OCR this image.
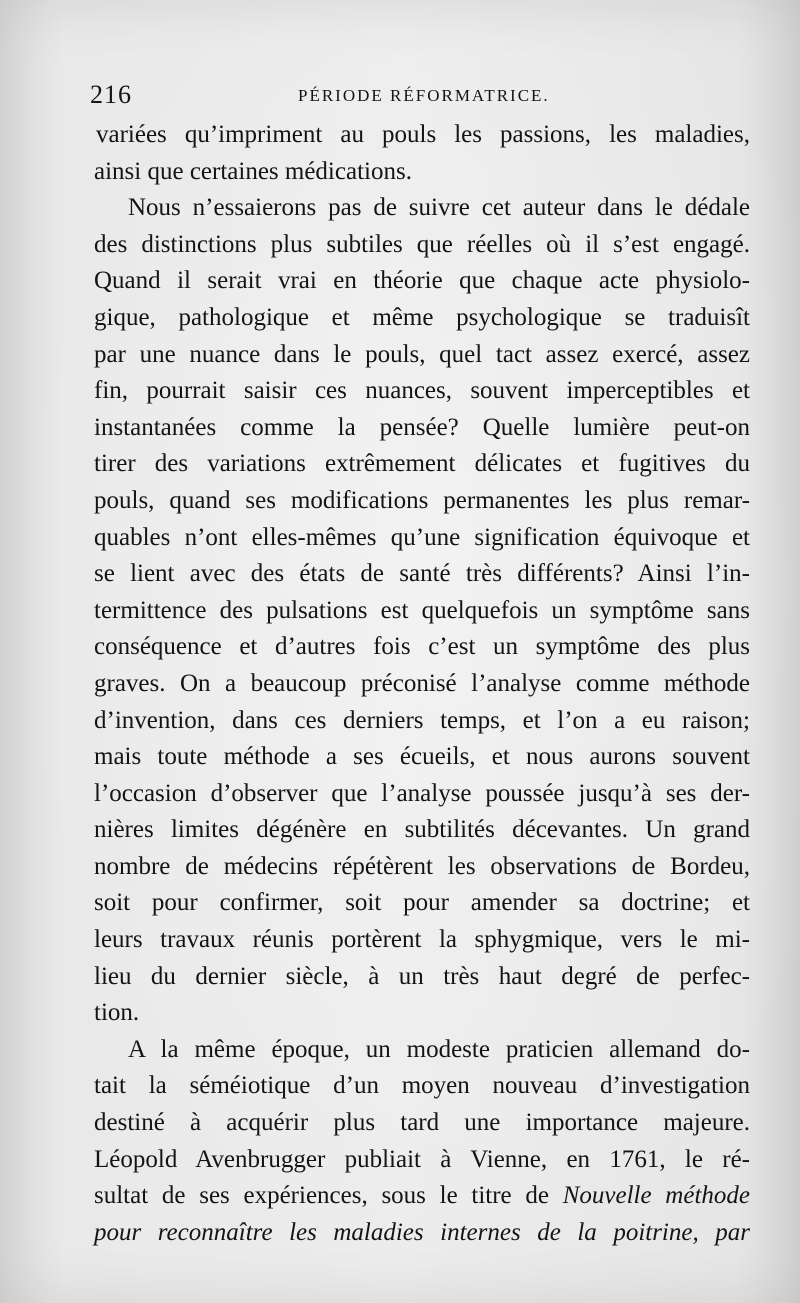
216	PÉRIODE RÉFORMATRICE.
variées qu’impriment au pouls les passions, les maladies,
ainsi que certaines médications.
Nous n’essaierons pas de suivre cet auteur dans le dédale
des distinctions plus subtiles que réelles où il s’est engagé.
Quand il serait vrai en théorie que chaque acte physiolo-
gique, pathologique et même psychologique se traduisît
par une nuance dans le pouls, quel tact assez exercé, assez
fin, pourrait saisir ces nuances, souvent imperceptibles et
instantanées comme la pensée? Quelle lumière peut-on
tirer des variations extrêmement délicates et fugitives du
pouls, quand ses modifications permanentes les plus remar-
quables n’ont elles-mêmes qu’une signification équivoque et
se lient avec des états de santé très différents? Ainsi l’in-
termittence des pulsations est quelquefois un symptôme sans
conséquence et d’autres fois c’est un symptôme des plus
graves. On a beaucoup préconisé l’analyse comme méthode
d’invention, dans ces derniers temps, et l’on a eu raison;
mais toute méthode a ses écueils, et nous aurons souvent
l’occasion d’observer que l’analyse poussée jusqu’à ses der-
nières limites dégénère en subtilités décevantes. Un grand
nombre de médecins répétèrent les observations de Bordeu,
soit pour confirmer, soit pour amender sa doctrine; et
leurs travaux réunis portèrent la sphygmique, vers le mi-
lieu du dernier siècle, à un très haut degré de perfec-
tion.
A la même époque, un modeste praticien allemand do-
tait la séméiotique d’un moyen nouveau d’investigation
destiné à acquérir plus tard une importance majeure.
Léopold Avenbrugger publiait à Vienne, en 1761, le ré-
sultat de ses expériences, sous le titre de Nouvelle méthode
pour reconnaître les maladies internes de la poitrine, par
